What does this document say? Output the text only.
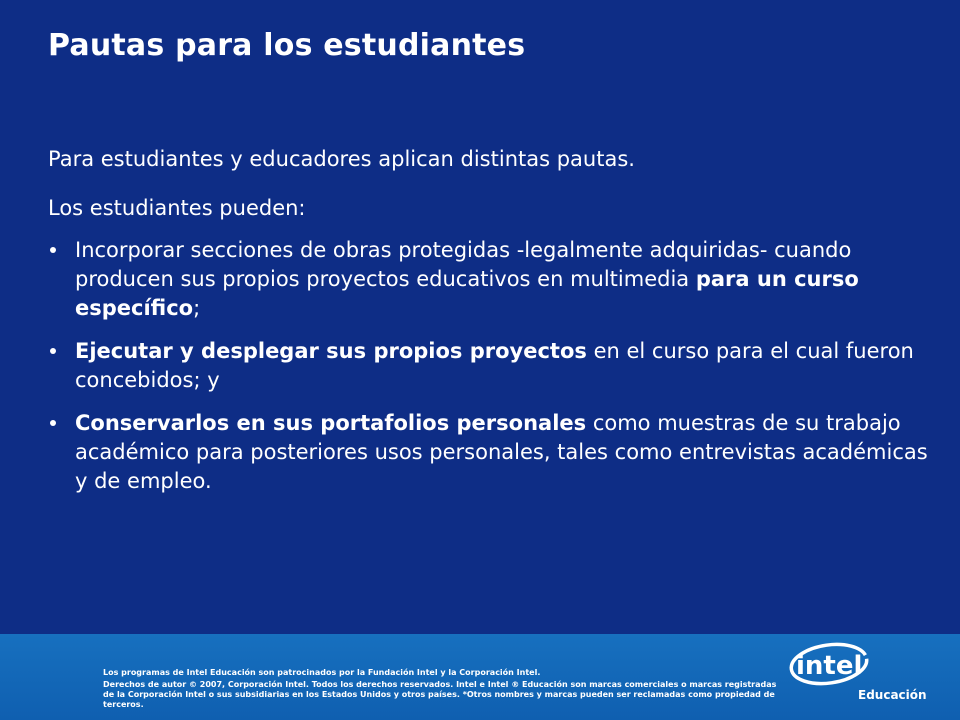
Pautas para los estudiantes

Para estudiantes y educadores aplican distintas pautas.

Los estudiantes pueden:

Incorporar secciones de obras protegidas -legalmente adquiridas- cuando producen sus propios proyectos educativos en multimedia para un curso específico;
Ejecutar y desplegar sus propios proyectos en el curso para el cual fueron concebidos; y
Conservarlos en sus portafolios personales como muestras de su trabajo académico para posteriores usos personales, tales como entrevistas académicas y de empleo.

Los programas de Intel Educación son patrocinados por la Fundación Intel y la Corporación Intel.

Derechos de autor © 2007, Corporación Intel. Todos los derechos reservados. Intel e Intel ® Educación son marcas comerciales o marcas registradas de la Corporación Intel o sus subsidiarias en los Estados Unidos y otros países. *Otros nombres y marcas pueden ser reclamadas como propiedad de terceros.

intel
Educación
